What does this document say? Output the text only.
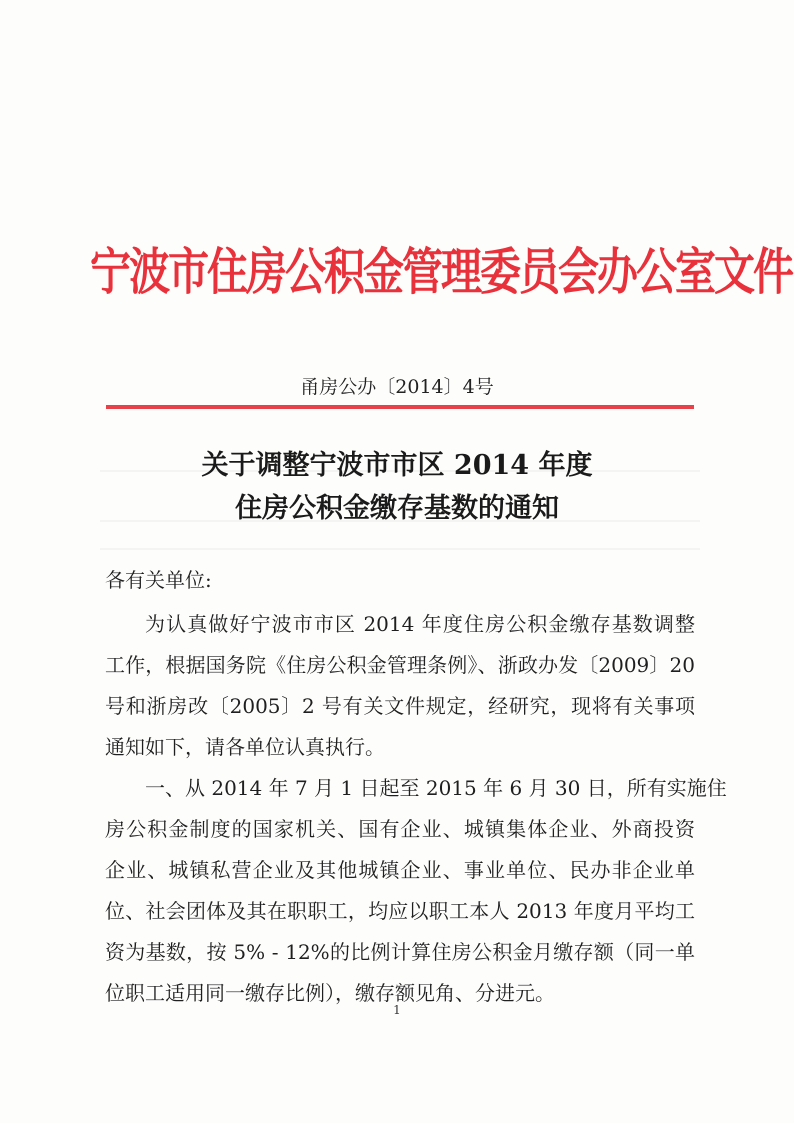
宁波市住房公积金管理委员会办公室文件
甬房公办〔2014〕4号
关于调整宁波市市区 2014 年度
住房公积金缴存基数的通知
各有关单位:
为认真做好宁波市市区 2014 年度住房公积金缴存基数调整
工作，根据国务院《住房公积金管理条例》、浙政办发〔2009〕20
号和浙房改〔2005〕2 号有关文件规定，经研究，现将有关事项
通知如下，请各单位认真执行。
一、从 2014 年 7 月 1 日起至 2015 年 6 月 30 日，所有实施住
房公积金制度的国家机关、国有企业、城镇集体企业、外商投资
企业、城镇私营企业及其他城镇企业、事业单位、民办非企业单
位、社会团体及其在职职工，均应以职工本人 2013 年度月平均工
资为基数，按 5% - 12%的比例计算住房公积金月缴存额（同一单
位职工适用同一缴存比例），缴存额见角、分进元。
1
